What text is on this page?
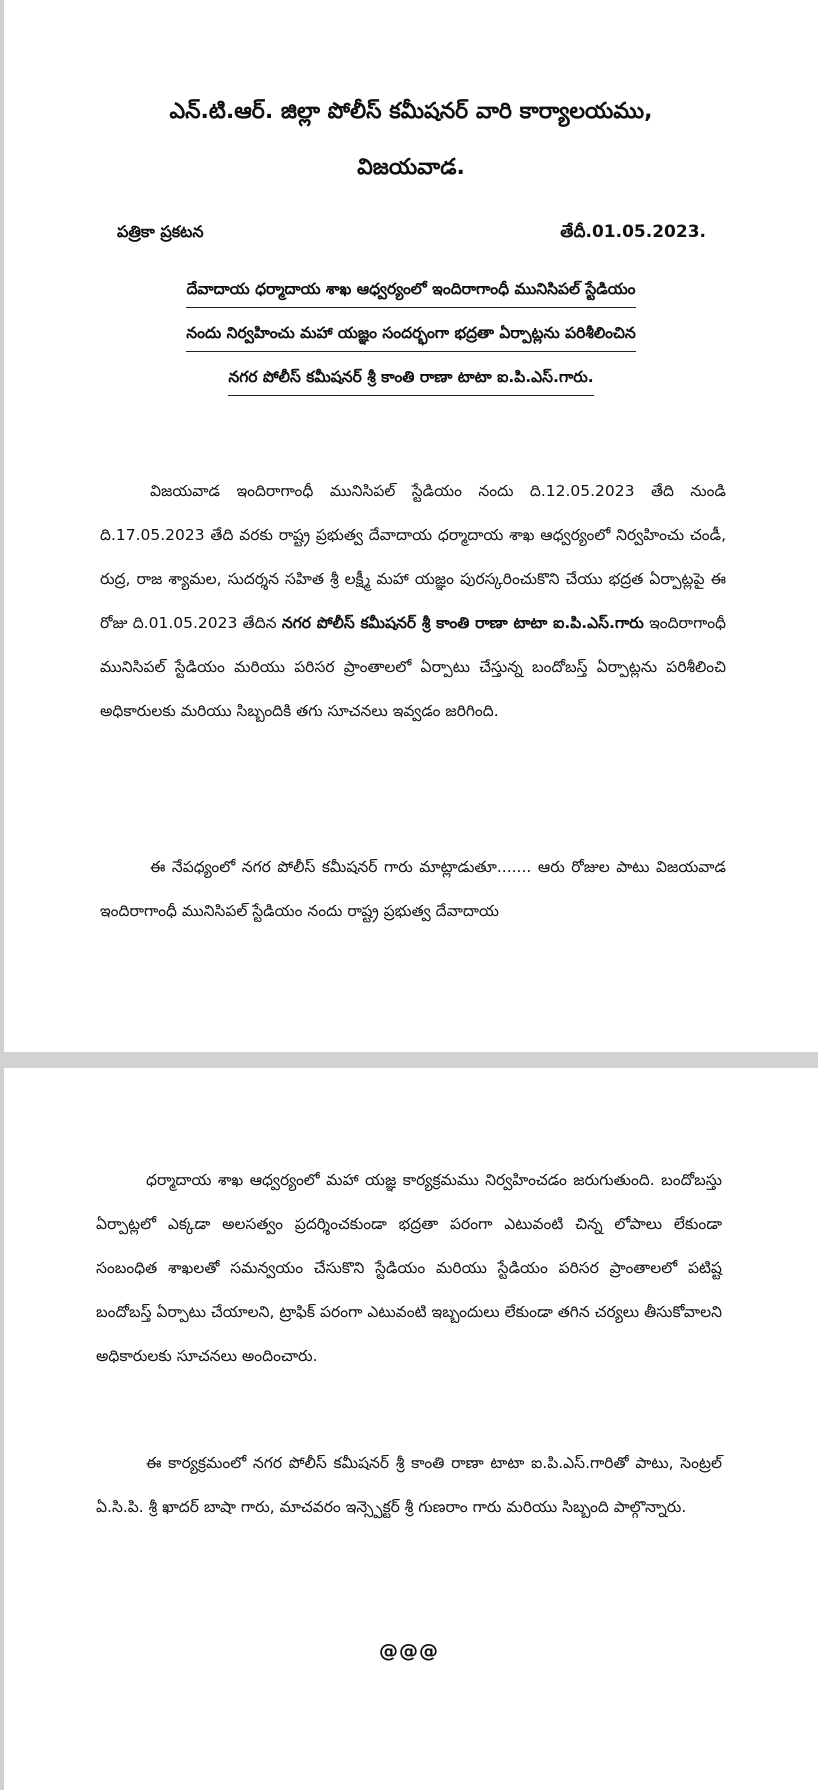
ఎన్.టి.ఆర్. జిల్లా పోలీస్ కమీషనర్ వారి కార్యాలయము,

విజయవాడ.

పత్రికా ప్రకటన	తేదీ.01.05.2023.
దేవాదాయ ధర్మాదాయ శాఖ ఆధ్వర్యంలో ఇందిరాగాంధీ మునిసిపల్ స్టేడియం
నందు నిర్వహించు మహా యజ్ఞం సందర్భంగా భద్రతా ఏర్పాట్లను పరిశీలించిన
నగర పోలీస్ కమీషనర్ శ్రీ కాంతి రాణా టాటా ఐ.పి.ఎస్.గారు.

విజయవాడ ఇందిరాగాంధీ మునిసిపల్ స్టేడియం నందు ది.12.05.2023 తేది నుండి ది.17.05.2023 తేది వరకు రాష్ట్ర ప్రభుత్వ దేవాదాయ ధర్మాదాయ శాఖ ఆధ్వర్యంలో నిర్వహించు చండీ, రుద్ర, రాజ శ్యామల, సుదర్శన సహిత శ్రీ లక్ష్మీ మహా యజ్ఞం పురస్కరించుకొని చేయు భద్రత ఏర్పాట్లపై ఈ రోజు ది.01.05.2023 తేదిన నగర పోలీస్ కమీషనర్ శ్రీ కాంతి రాణా టాటా ఐ.పి.ఎస్.గారు ఇందిరాగాంధీ మునిసిపల్ స్టేడియం మరియు పరిసర ప్రాంతాలలో ఏర్పాటు చేస్తున్న బందోబస్త్ ఏర్పాట్లను పరిశీలించి అధికారులకు మరియు సిబ్బందికి తగు సూచనలు ఇవ్వడం జరిగింది.

ఈ నేపధ్యంలో నగర పోలీస్ కమీషనర్ గారు మాట్లాడుతూ....... ఆరు రోజుల పాటు విజయవాడ ఇందిరాగాంధీ మునిసిపల్ స్టేడియం నందు రాష్ట్ర ప్రభుత్వ దేవాదాయ

ధర్మాదాయ శాఖ ఆధ్వర్యంలో మహా యజ్ఞ కార్యక్రమము నిర్వహించడం జరుగుతుంది. బందోబస్తు ఏర్పాట్లలో ఎక్కడా అలసత్వం ప్రదర్శించకుండా భద్రతా పరంగా ఎటువంటి చిన్న లోపాలు లేకుండా సంబంధిత శాఖలతో సమన్వయం చేసుకొని స్టేడియం మరియు స్టేడియం పరిసర ప్రాంతాలలో పటిష్ట బందోబస్త్ ఏర్పాటు చేయాలని, ట్రాఫిక్ పరంగా ఎటువంటి ఇబ్బందులు లేకుండా తగిన చర్యలు తీసుకోవాలని అధికారులకు సూచనలు అందించారు.

ఈ కార్యక్రమంలో నగర పోలీస్ కమీషనర్ శ్రీ కాంతి రాణా టాటా ఐ.పి.ఎస్.గారితో పాటు, సెంట్రల్ ఏ.సి.పి. శ్రీ ఖాదర్ బాషా గారు, మాచవరం ఇన్స్పెక్టర్ శ్రీ గుణరాం గారు మరియు సిబ్బంది పాల్గొన్నారు.

@@@
